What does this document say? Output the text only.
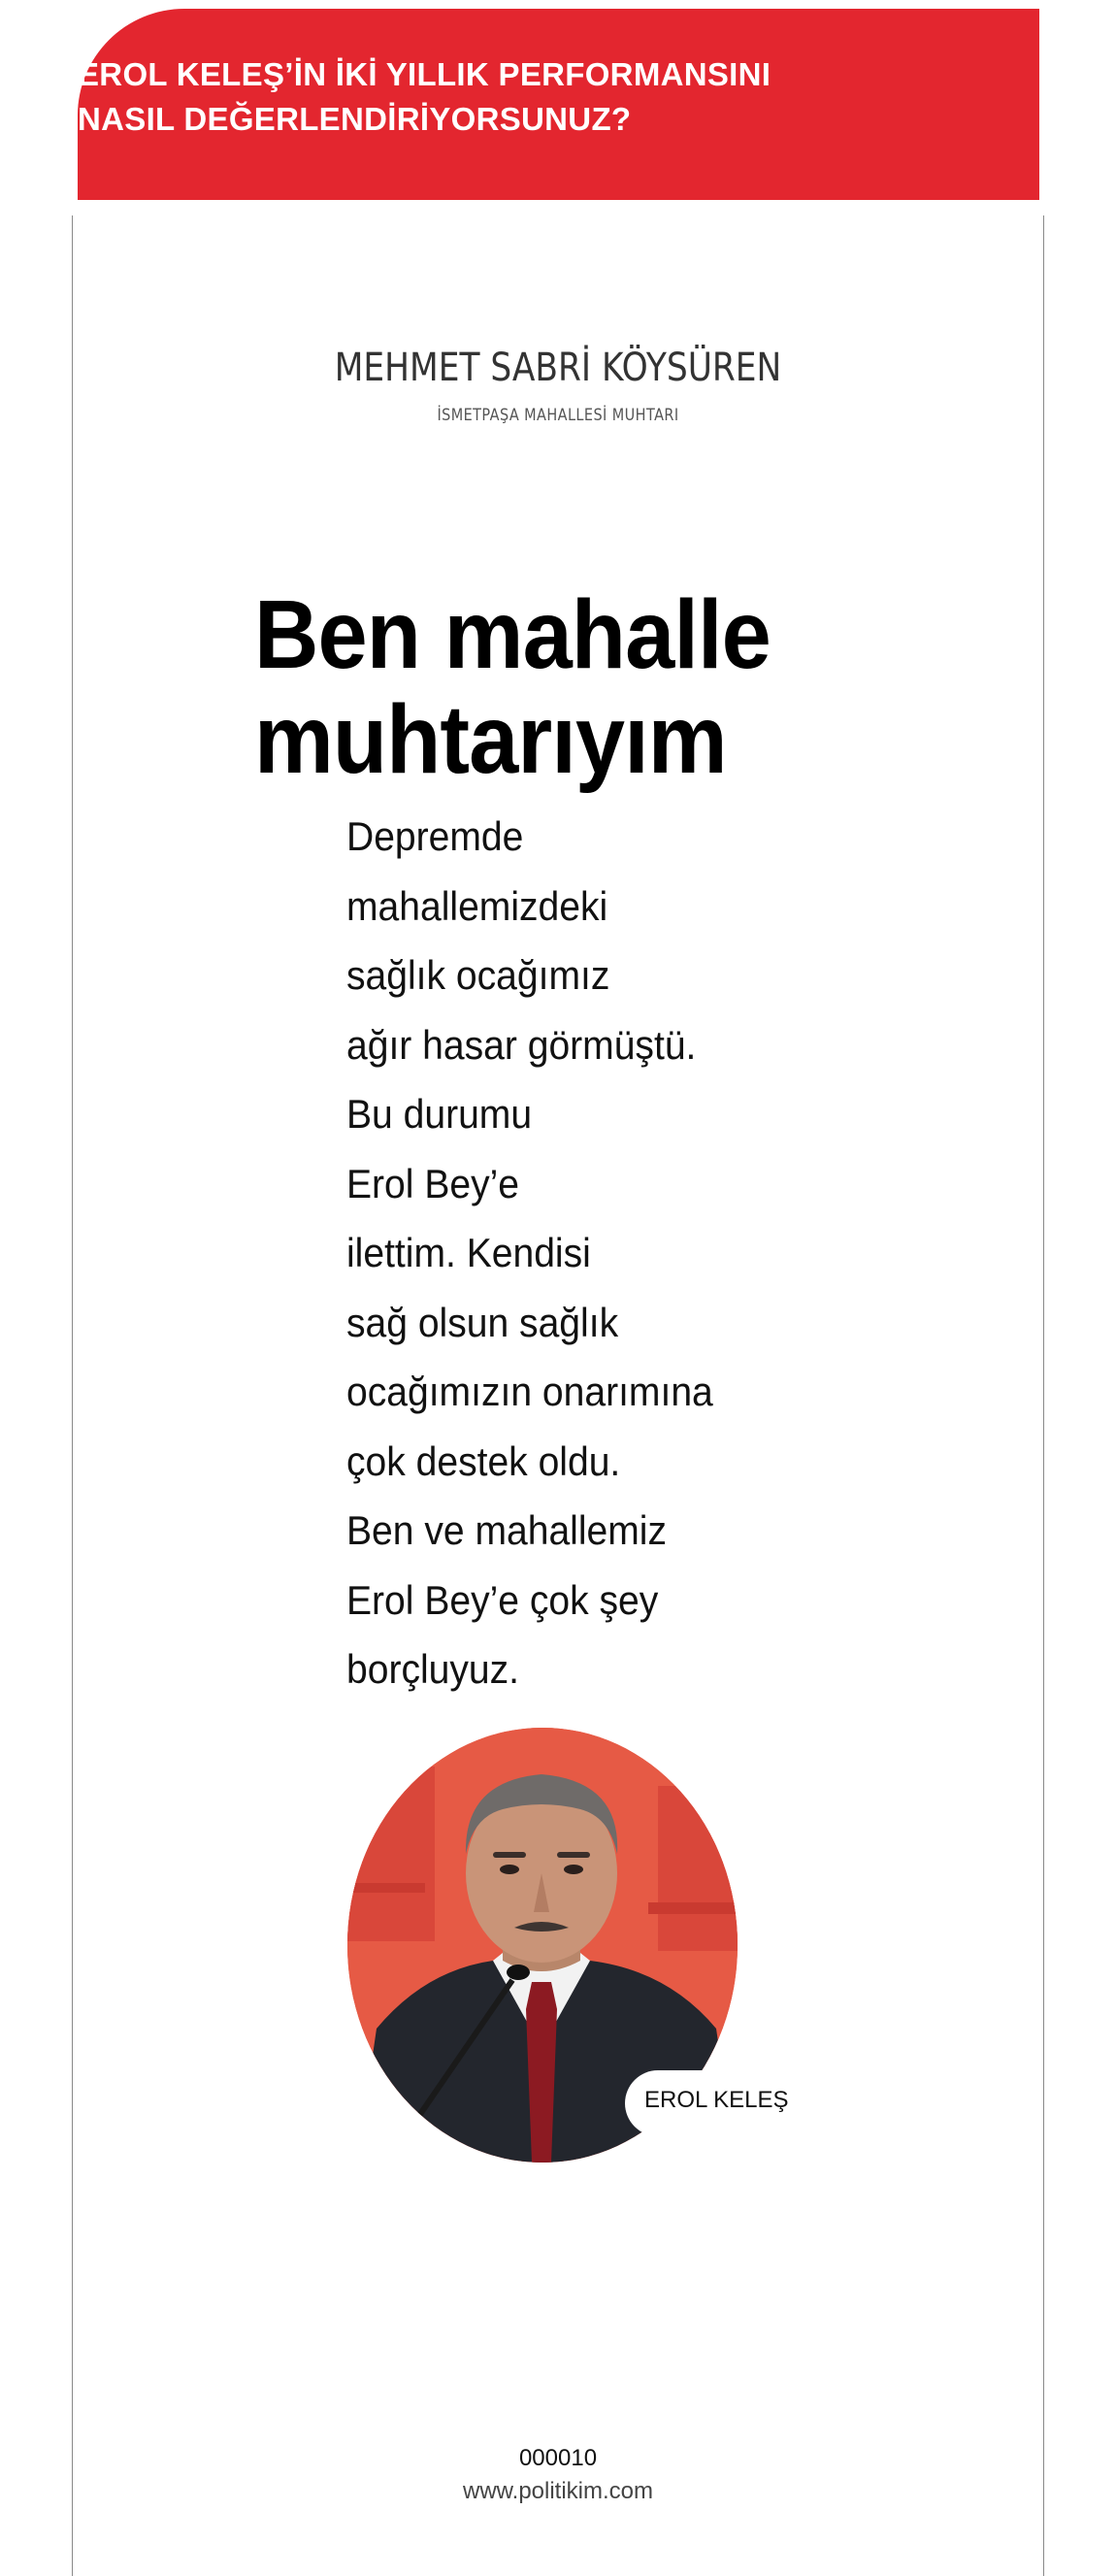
EROL KELEŞ’İN İKİ YILLIK PERFORMANSINI
NASIL DEĞERLENDİRİYORSUNUZ?
MEHMET SABRİ KÖYSÜREN
İSMETPAŞA MAHALLESİ MUHTARI
Ben mahalle
muhtarıyım
Depremde
mahallemizdeki
sağlık ocağımız
ağır hasar görmüştü.
Bu durumu
Erol Bey’e
ilettim. Kendisi
sağ olsun sağlık
ocağımızın onarımına
çok destek oldu.
Ben ve mahallemiz
Erol Bey’e çok şey
borçluyuz.
EROL KELEŞ
000010
www.politikim.com
